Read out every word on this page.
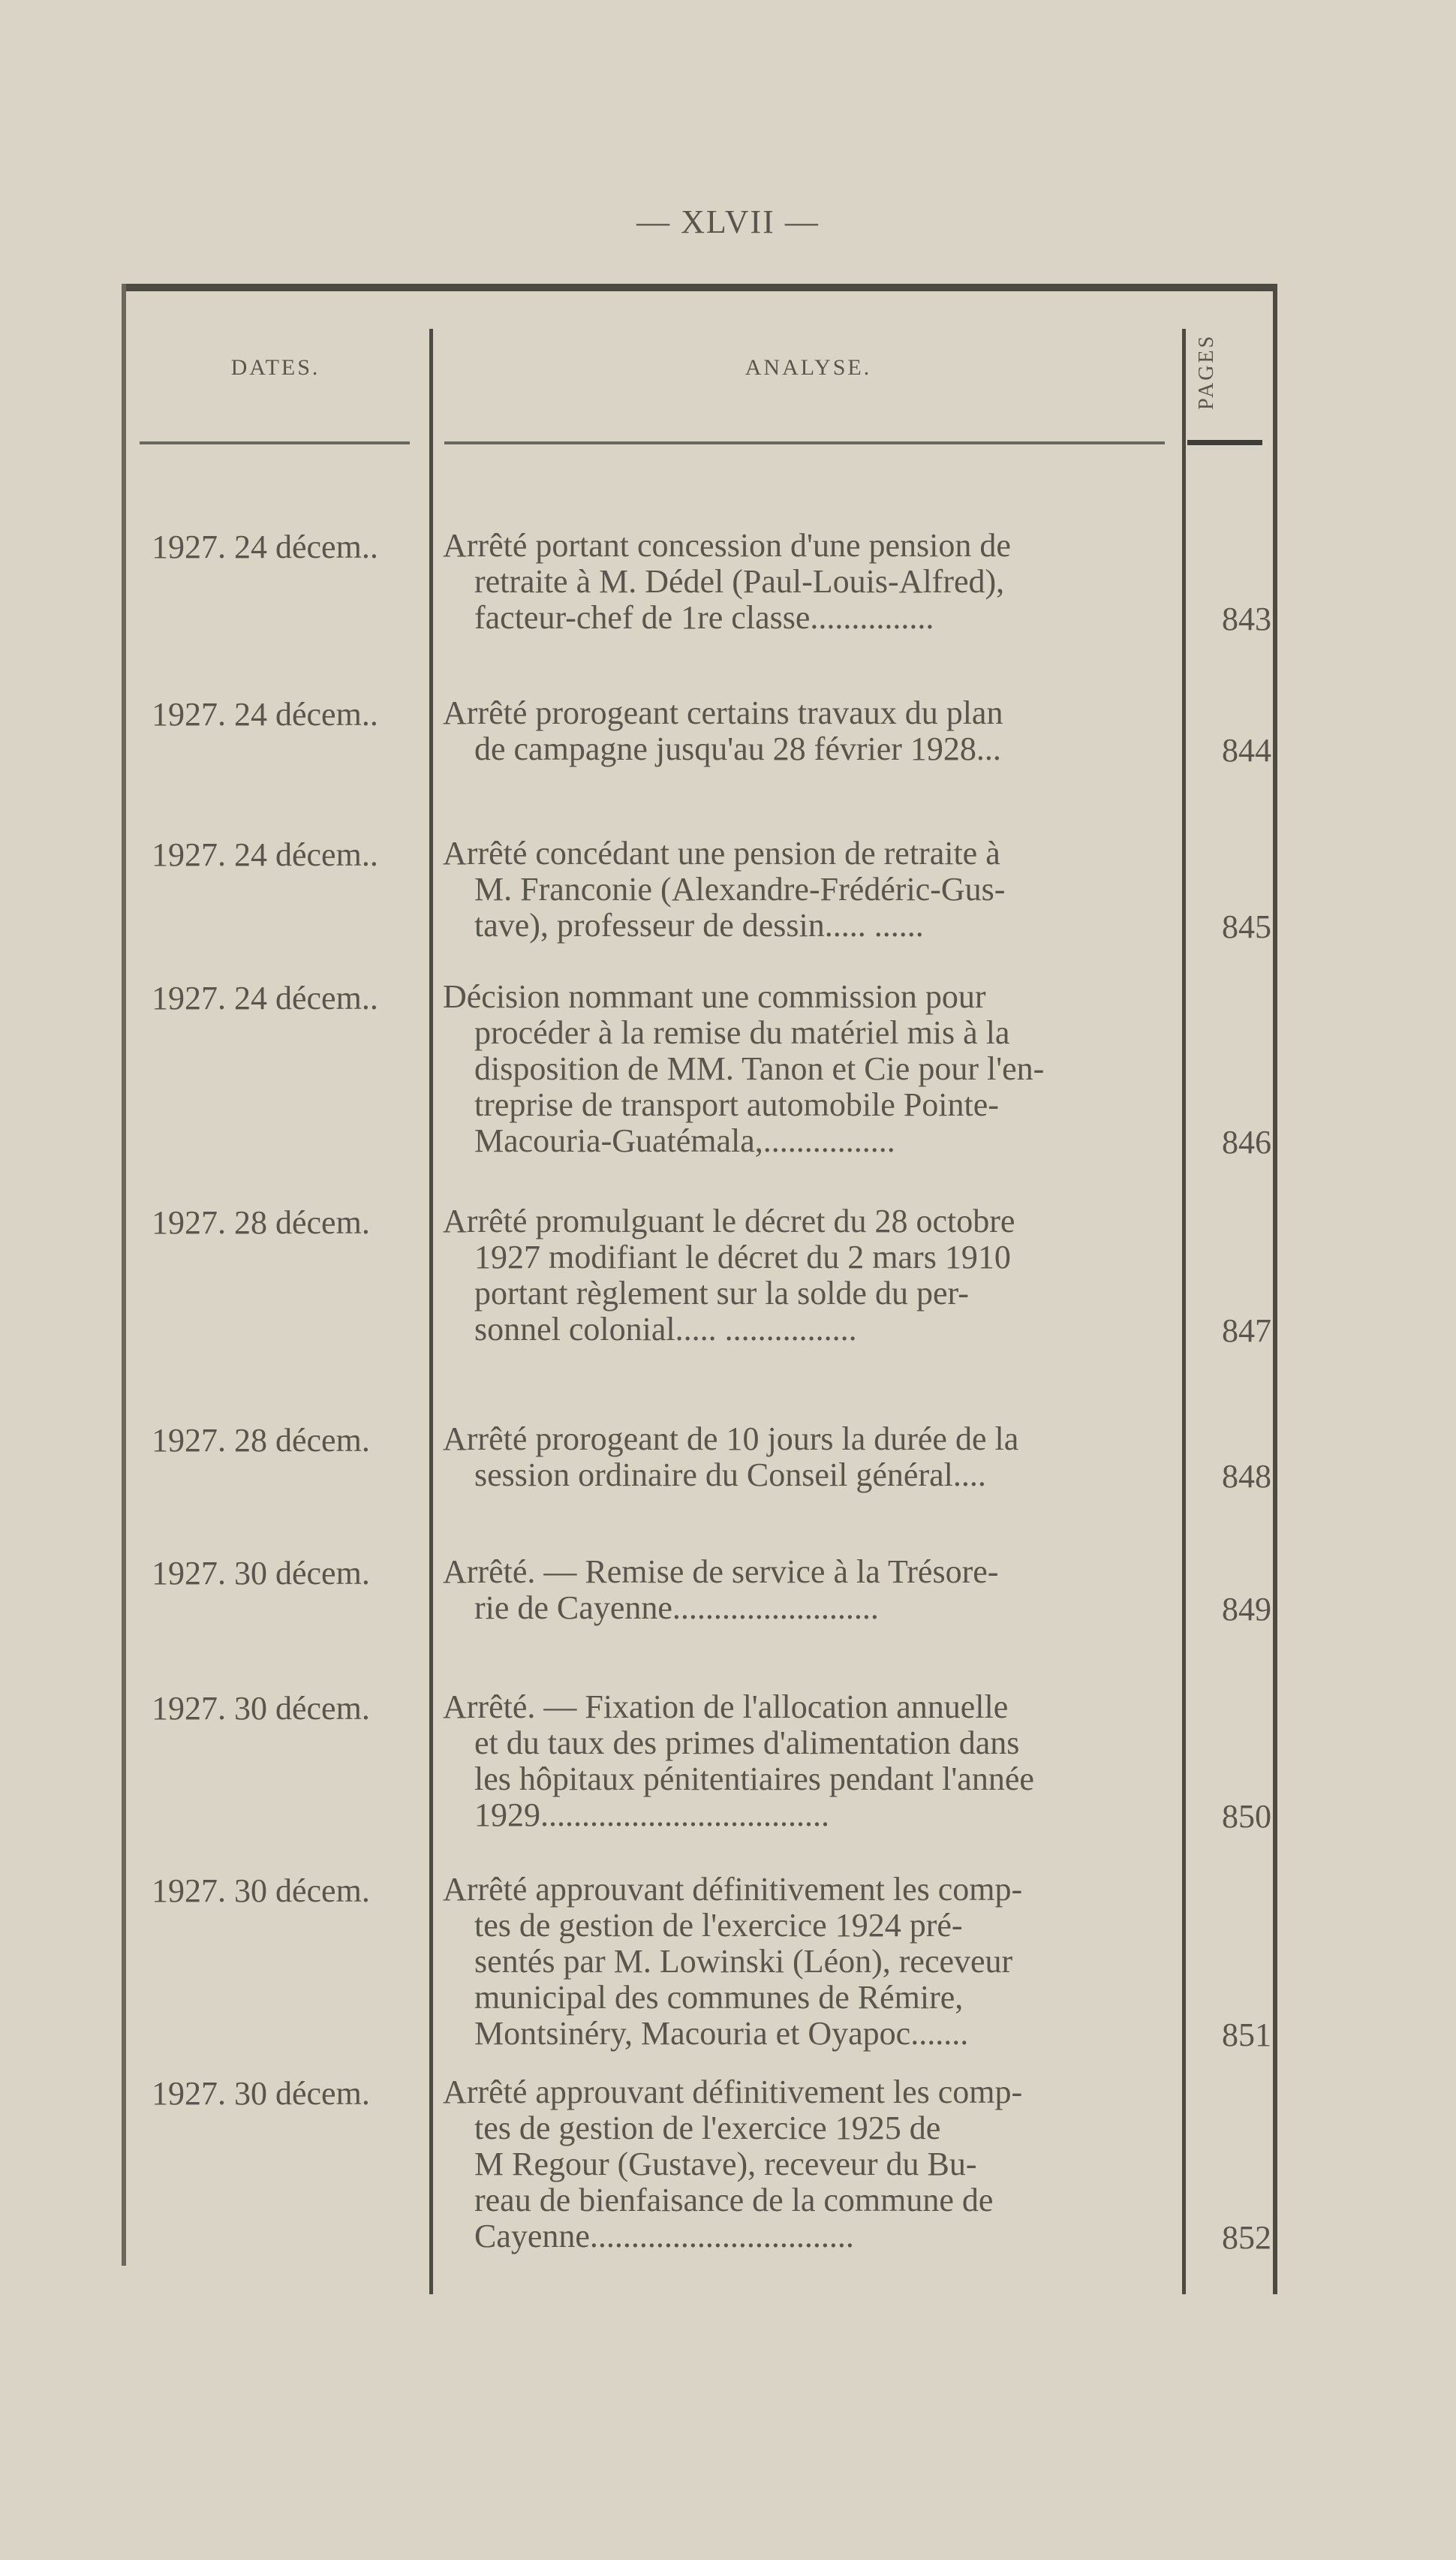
— XLVII —
DATES.	ANALYSE.	PAGES
1927. 24 décem..	Arrêté portant concession d'une pension de
retraite à M. Dédel (Paul-Louis-Alfred),
facteur-chef de 1re classe...............	843
1927. 24 décem..	Arrêté prorogeant certains travaux du plan
de campagne jusqu'au 28 février 1928...	844
1927. 24 décem..	Arrêté concédant une pension de retraite à
M. Franconie (Alexandre-Frédéric-Gus-
tave), professeur de dessin..... ......	845
1927. 24 décem..	Décision nommant une commission pour
procéder à la remise du matériel mis à la
disposition de MM. Tanon et Cie pour l'en-
treprise de transport automobile Pointe-
Macouria-Guatémala,................	846
1927. 28 décem.	Arrêté promulguant le décret du 28 octobre
1927 modifiant le décret du 2 mars 1910
portant règlement sur la solde du per-
sonnel colonial..... ................	847
1927. 28 décem.	Arrêté prorogeant de 10 jours la durée de la
session ordinaire du Conseil général....	848
1927. 30 décem.	Arrêté. — Remise de service à la Trésore-
rie de Cayenne.........................	849
1927. 30 décem.	Arrêté. — Fixation de l'allocation annuelle
et du taux des primes d'alimentation dans
les hôpitaux pénitentiaires pendant l'année
1929...................................	850
1927. 30 décem.	Arrêté approuvant définitivement les comp-
tes de gestion de l'exercice 1924 pré-
sentés par M. Lowinski (Léon), receveur
municipal des communes de Rémire,
Montsinéry, Macouria et Oyapoc.......	851
1927. 30 décem.	Arrêté approuvant définitivement les comp-
tes de gestion de l'exercice 1925 de
M Regour (Gustave), receveur du Bu-
reau de bienfaisance de la commune de
Cayenne................................	852
